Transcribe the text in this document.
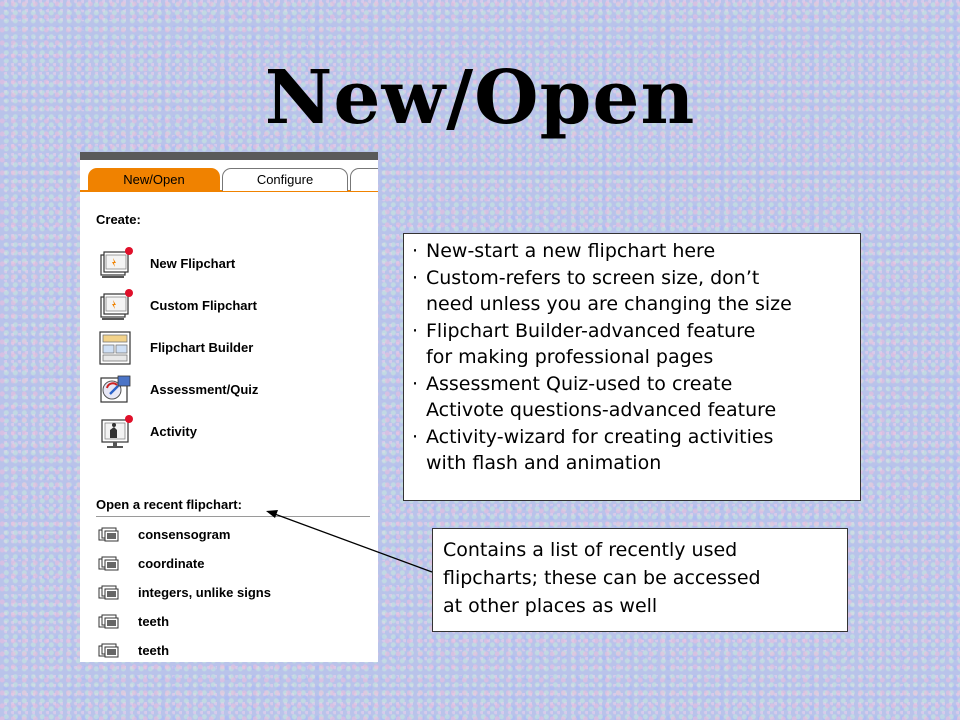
New/Open
New/Open	Configure
Create:
New Flipchart
Custom Flipchart
Flipchart Builder
Assessment/Quiz
Activity
Open a recent flipchart:
consensogram
coordinate
integers, unlike signs
teeth
teeth
· New-start a new flipchart here
· Custom-refers to screen size, don’t
need unless you are changing the size
· Flipchart Builder-advanced feature
for making professional pages
· Assessment Quiz-used to create
Activote questions-advanced feature
· Activity-wizard for creating activities
with flash and animation
Contains a list of recently used
flipcharts; these can be accessed
at other places as well
